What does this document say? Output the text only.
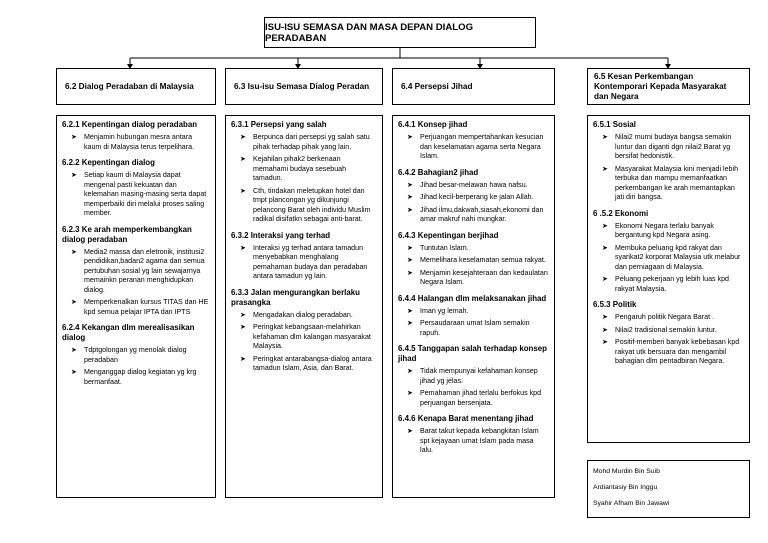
ISU-ISU SEMASA DAN MASA DEPAN DIALOG PERADABAN
6.2 Dialog Peradaban di Malaysia	6.3 Isu-isu Semasa Dialog Peradan	6.4 Persepsi Jihad
6.5 Kesan Perkembangan Kontemporari Kepada Masyarakat dan Negara
6.2.1 Kepentingan dialog peradaban
➤ Menjamin hubungan mesra antara kaum di Malaysia terus terpelihara.
6.2.2 Kepentingan dialog
➤ Setiap kaum di Malaysia dapat mengenal pasti kekuatan dan kelemahan masing-masing serta dapat memperbaiki diri melalui proses saling member.
6.2.3 Ke arah memperkembangkan dialog peradaban
➤ Media2 massa dan eletronik, institusi2 pendidikan,badan2 agama dan semua pertubuhan sosial yg lain sewajarnya memainkn peranan menghidupkan dialog.
➤ Memperkenalkan kursus TITAS dan HE kpd semua pelajar IPTA dan IPTS
6.2.4 Kekangan dlm merealisasikan dialog
➤ Tdptgolongan yg menolak dialog peradaban
➤ Menganggap dialog kegiatan yg krg bermanfaat.
6.3.1 Persepsi yang salah
➤ Berpunca dari persepsi yg salah satu pihak terhadap pihak yang lain.
➤ Kejahilan pihak2 berkenaan memahami budaya sesebuah tamadun.
➤ Cth, tindakan meletupkan hotel dan tmpt plancongan yg dikunjungi pelancong Barat oleh individu Muslim radikal disifatkn sebagai anti-barat.
6.3.2 Interaksi yang terhad
➤ Interaksi yg terhad antara tamadun menyebabkan menghalang pemahaman budaya dan peradaban antara tamadun yg lain.
6.3.3 Jalan mengurangkan berlaku prasangka
➤ Mengadakan dialog peradaban.
➤ Peringkat kebangsaan-melahirkan kefahaman dlm kalangan masyarakat Malaysia.
➤ Peringkat antarabangsa-dialog antara tamadun Islam, Asia, dan Barat.
6.4.1 Konsep jihad
➤ Perjuangan mempertahankan kesucian dan keselamatan agama serta Negara Islam.
6.4.2 Bahagian2 jihad
➤ Jihad besar-melawan hawa nafsu.
➤ Jihad kecil-berperang ke jalan Allah.
➤ Jihad ilmu,dakwah,siasah,ekonomi dan amar makruf nahi mungkar.
6.4.3 Kepentingan berjihad
➤ Tuntutan Islam.
➤ Memelihara keselamatan semua rakyat.
➤ Menjamin kesejahteraan dan kedaulatan Negara Islam.
6.4.4 Halangan dlm melaksanakan jihad
➤ Iman yg lemah.
➤ Persaudaraan umat Islam semakin rapuh.
6.4.5 Tanggapan salah terhadap konsep jihad
➤ Tidak mempunyai kefahaman konsep jihad yg jelas.
➤ Pemahaman jihad terlalu berfokus kpd perjuangan bersenjata.
6.4.6 Kenapa Barat menentang jihad
➤ Barat takut kepada kebangkitan Islam spt kejayaan umat Islam pada masa lalu.
6.5.1 Sosial
➤ Nilai2 murni budaya bangsa semakin luntur dan diganti dgn nilai2 Barat yg bersifat hedonistik.
➤ Masyarakat Malaysia kini menjadi lebih terbuka dan mampu memanfaatkan perkembangan ke arah memantapkan jati diri bangsa.
6 .5.2 Ekonomi
➤ Ekonomi Negara terlalu banyak bergantung kpd Negara asing.
➤ Membuka peluang kpd rakyat dan syarikat2 korporat Malaysia utk melabur dan perniagaan di Malaysia.
➤ Peluang pekerjaan yg lebih luas kpd rakyat Malaysia.
6.5.3 Politik
➤ Pengaruh politik Negara Barat .
➤ Nilai2 tradisional semakin luntur.
➤ Positif-memberi banyak kebebasan kpd rakyat utk bersuara dan mengambil bahagian dlm pentadbiran Negara.
Mohd Murdin Bin Suib
Ardiantasiy Bin Inggu
Syahir Afham Bin Jawawi
